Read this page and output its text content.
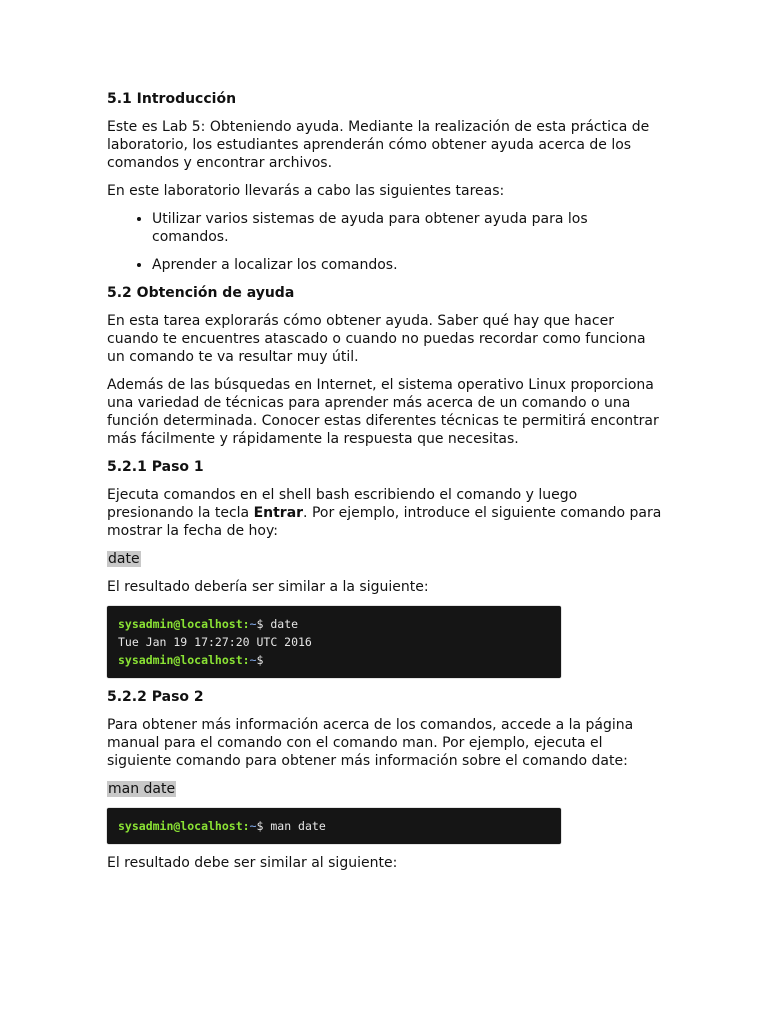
5.1 Introducción

Este es Lab 5: Obteniendo ayuda. Mediante la realización de esta práctica de laboratorio, los estudiantes aprenderán cómo obtener ayuda acerca de los comandos y encontrar archivos.

En este laboratorio llevarás a cabo las siguientes tareas:

• Utilizar varios sistemas de ayuda para obtener ayuda para los comandos.
• Aprender a localizar los comandos.
5.2 Obtención de ayuda

En esta tarea explorarás cómo obtener ayuda. Saber qué hay que hacer cuando te encuentres atascado o cuando no puedas recordar como funciona un comando te va resultar muy útil.

Además de las búsquedas en Internet, el sistema operativo Linux proporciona una variedad de técnicas para aprender más acerca de un comando o una función determinada. Conocer estas diferentes técnicas te permitirá encontrar más fácilmente y rápidamente la respuesta que necesitas.

5.2.1 Paso 1

Ejecuta comandos en el shell bash escribiendo el comando y luego presionando la tecla Entrar. Por ejemplo, introduce el siguiente comando para mostrar la fecha de hoy:

date

El resultado debería ser similar a la siguiente:

sysadmin@localhost:~$ date
Tue Jan 19 17:27:20 UTC 2016
sysadmin@localhost:~$
5.2.2 Paso 2

Para obtener más información acerca de los comandos, accede a la página manual para el comando con el comando man. Por ejemplo, ejecuta el siguiente comando para obtener más información sobre el comando date:

man date

sysadmin@localhost:~$ man date

El resultado debe ser similar al siguiente:
